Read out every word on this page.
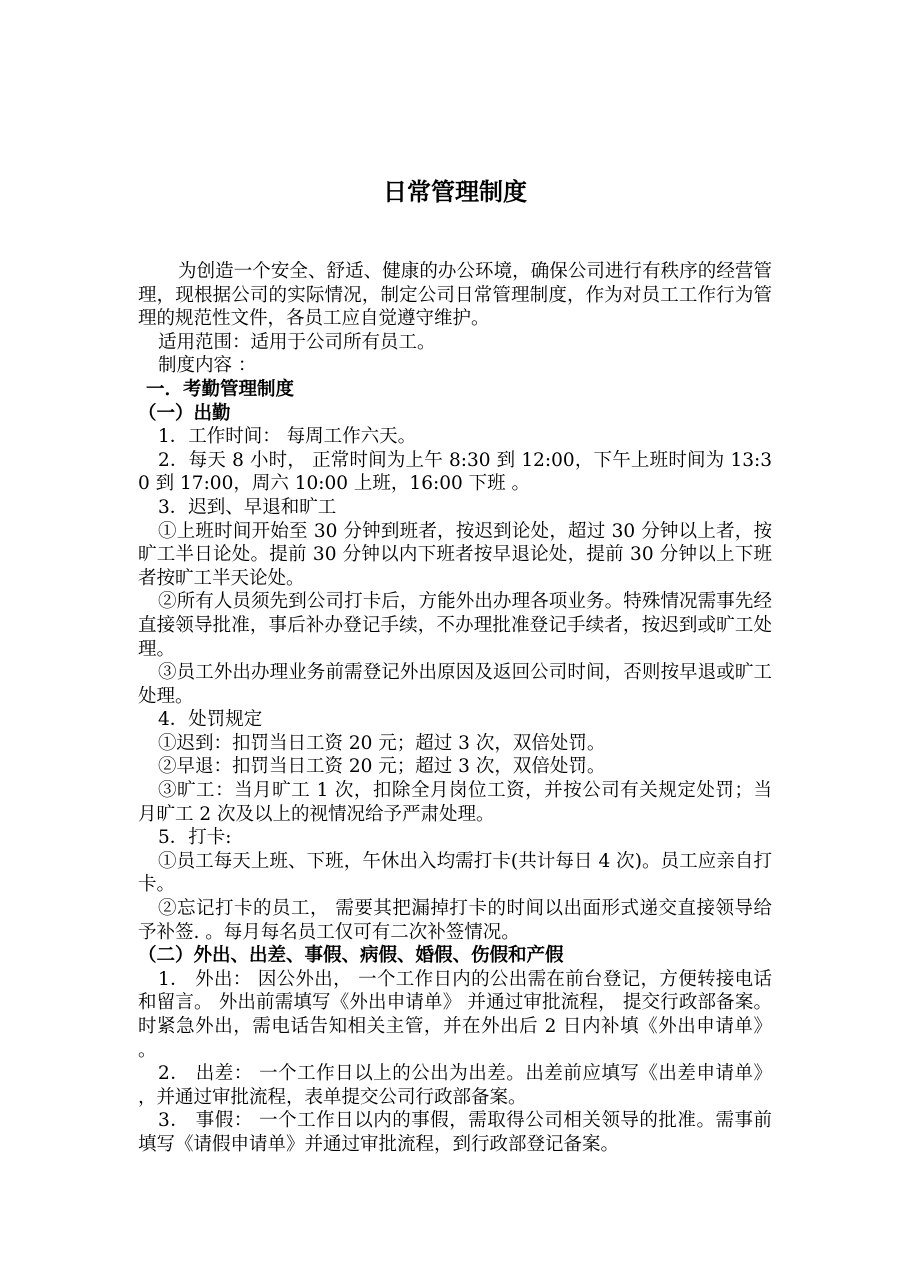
日常管理制度

为创造一个安全、舒适、健康的办公环境，确保公司进行有秩序的经营管理，现根据公司的实际情况，制定公司日常管理制度，作为对员工工作行为管理的规范性文件，各员工应自觉遵守维护。

适用范围：适用于公司所有员工。

制度内容 ：

一．考勤管理制度

（一）出勤

1．工作时间： 每周工作六天。

2．每天 8 小时， 正常时间为上午 8:30 到 12:00，下午上班时间为 13:30 到 17:00，周六 10:00 上班，16:00 下班 。

3．迟到、早退和旷工

①上班时间开始至 30 分钟到班者，按迟到论处，超过 30 分钟以上者，按旷工半日论处。提前 30 分钟以内下班者按早退论处，提前 30 分钟以上下班者按旷工半天论处。

②所有人员须先到公司打卡后，方能外出办理各项业务。特殊情况需事先经直接领导批准，事后补办登记手续，不办理批准登记手续者，按迟到或旷工处理。

③员工外出办理业务前需登记外出原因及返回公司时间，否则按早退或旷工处理。

4．处罚规定

①迟到：扣罚当日工资 20 元；超过 3 次，双倍处罚。

②早退：扣罚当日工资 20 元；超过 3 次，双倍处罚。

③旷工：当月旷工 1 次，扣除全月岗位工资，并按公司有关规定处罚；当月旷工 2 次及以上的视情况给予严肃处理。

5．打卡:

①员工每天上班、下班，午休出入均需打卡(共计每日 4 次)。员工应亲自打卡。

②忘记打卡的员工， 需要其把漏掉打卡的时间以出面形式递交直接领导给予补签. 。每月每名员工仅可有二次补签情况。

（二）外出、出差、事假、病假、婚假、伤假和产假

1． 外出： 因公外出， 一个工作日内的公出需在前台登记，方便转接电话和留言。 外出前需填写《外出申请单》 并通过审批流程， 提交行政部备案。时紧急外出，需电话告知相关主管，并在外出后 2 日内补填《外出申请单》 。

2． 出差： 一个工作日以上的公出为出差。出差前应填写《出差申请单》 ，并通过审批流程，表单提交公司行政部备案。

3． 事假： 一个工作日以内的事假，需取得公司相关领导的批准。需事前填写《请假申请单》并通过审批流程，到行政部登记备案。
